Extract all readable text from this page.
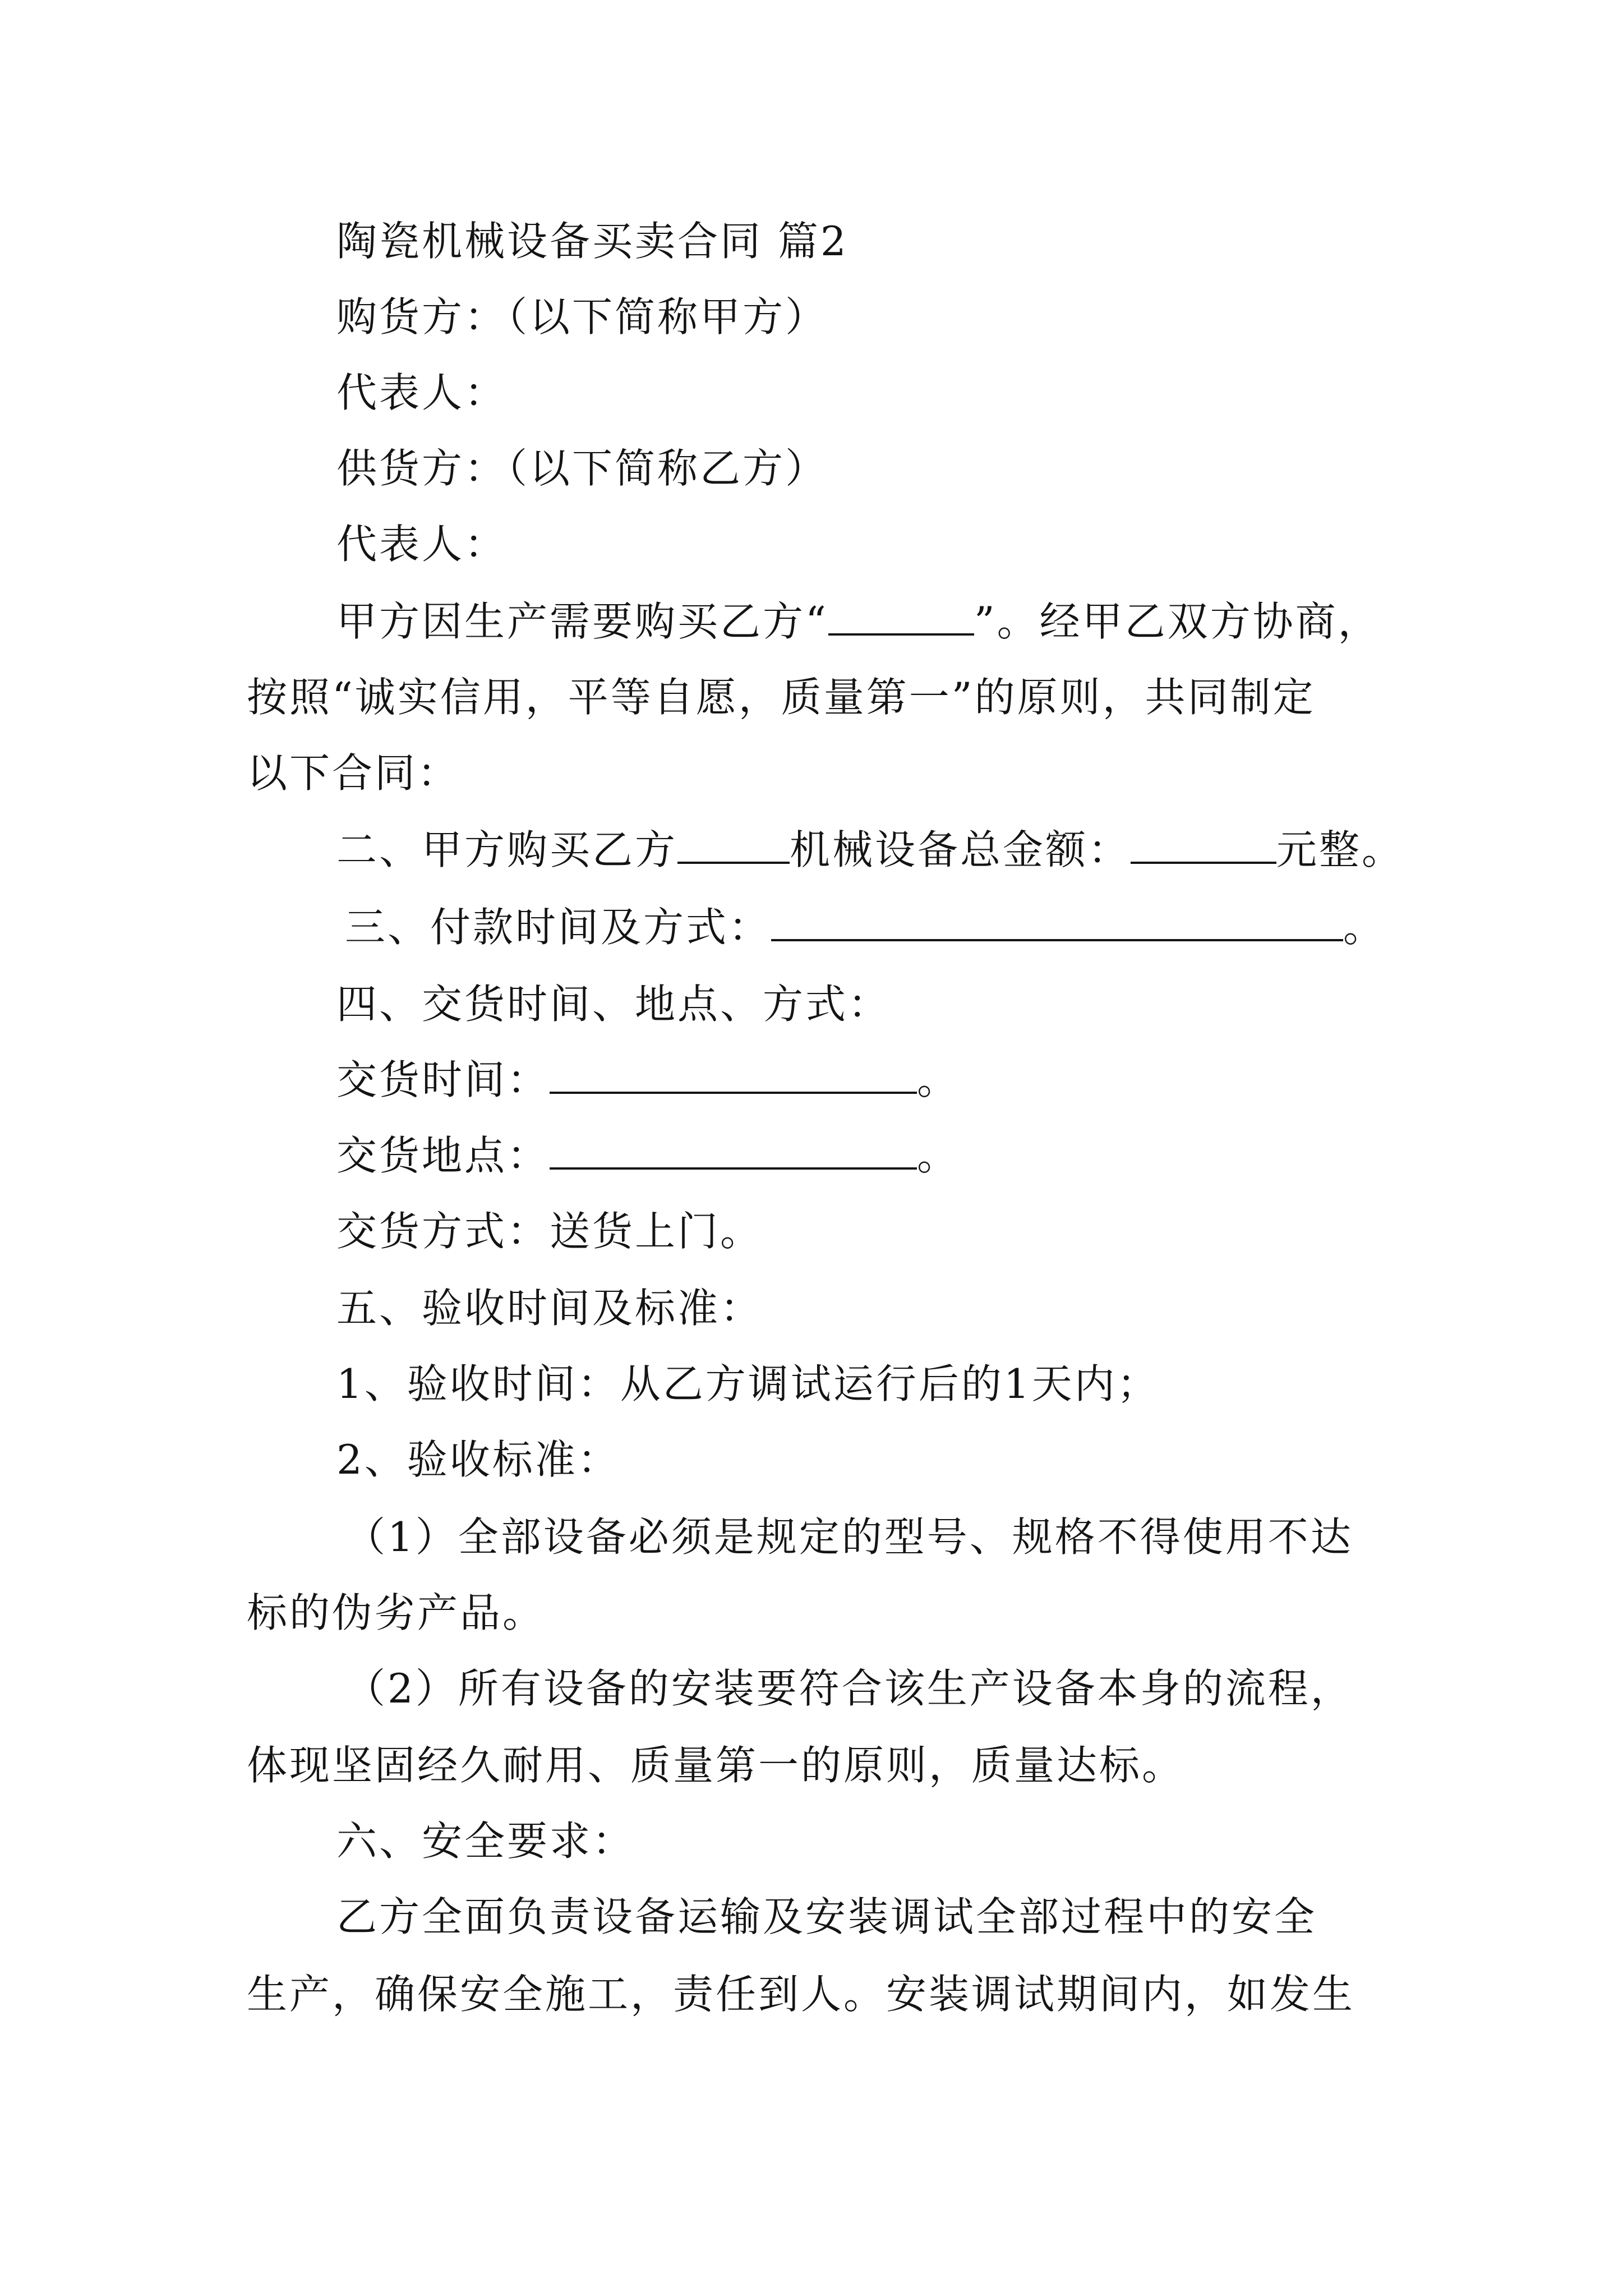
陶瓷机械设备买卖合同 篇2
购货方：（以下简称甲方）
代表人：
供货方：（以下简称乙方）
代表人：
甲方因生产需要购买乙方“	”。经甲乙双方协商，
按照“诚实信用，平等自愿，质量第一”的原则，共同制定
以下合同：
二、甲方购买乙方	机械设备总金额：	元整。
三、付款时间及方式：	。
四、交货时间、地点、方式：
交货时间：	。
交货地点：	。
交货方式：送货上门。
五、验收时间及标准：
1、验收时间：从乙方调试运行后的1天内；
2、验收标准：
（1）全部设备必须是规定的型号、规格不得使用不达
标的伪劣产品。
（2）所有设备的安装要符合该生产设备本身的流程，
体现坚固经久耐用、质量第一的原则，质量达标。
六、安全要求：
乙方全面负责设备运输及安装调试全部过程中的安全
生产，确保安全施工，责任到人。安装调试期间内，如发生
